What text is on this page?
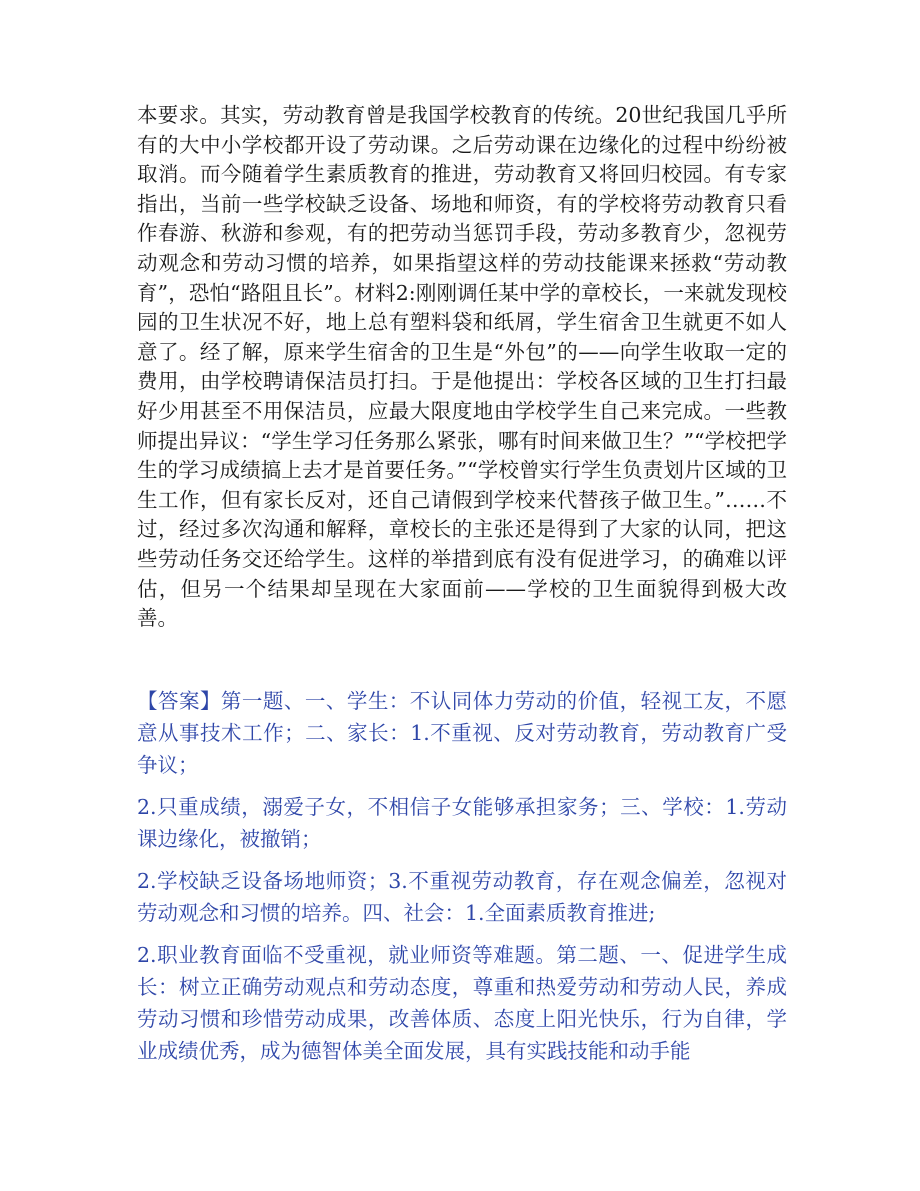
本要求。其实，劳动教育曾是我国学校教育的传统。20世纪我国几乎所有的大中小学校都开设了劳动课。之后劳动课在边缘化的过程中纷纷被取消。而今随着学生素质教育的推进，劳动教育又将回归校园。有专家指出，当前一些学校缺乏设备、场地和师资，有的学校将劳动教育只看作春游、秋游和参观，有的把劳动当惩罚手段，劳动多教育少，忽视劳动观念和劳动习惯的培养，如果指望这样的劳动技能课来拯救“劳动教育”，恐怕“路阻且长”。材料2:刚刚调任某中学的章校长，一来就发现校园的卫生状况不好，地上总有塑料袋和纸屑，学生宿舍卫生就更不如人意了。经了解，原来学生宿舍的卫生是“外包”的——向学生收取一定的费用，由学校聘请保洁员打扫。于是他提出：学校各区域的卫生打扫最好少用甚至不用保洁员，应最大限度地由学校学生自己来完成。一些教师提出异议：“学生学习任务那么紧张，哪有时间来做卫生？”“学校把学生的学习成绩搞上去才是首要任务。”“学校曾实行学生负责划片区域的卫生工作，但有家长反对，还自己请假到学校来代替孩子做卫生。”……不过，经过多次沟通和解释，章校长的主张还是得到了大家的认同，把这些劳动任务交还给学生。这样的举措到底有没有促进学习，的确难以评估，但另一个结果却呈现在大家面前——学校的卫生面貌得到极大改善。

【答案】第一题、一、学生：不认同体力劳动的价值，轻视工友，不愿意从事技术工作；二、家长：1.不重视、反对劳动教育，劳动教育广受争议；

2.只重成绩，溺爱子女，不相信子女能够承担家务；三、学校：1.劳动课边缘化，被撤销；

2.学校缺乏设备场地师资；3.不重视劳动教育，存在观念偏差，忽视对劳动观念和习惯的培养。四、社会：1.全面素质教育推进;

2.职业教育面临不受重视，就业师资等难题。第二题、一、促进学生成长：树立正确劳动观点和劳动态度，尊重和热爱劳动和劳动人民，养成劳动习惯和珍惜劳动成果，改善体质、态度上阳光快乐，行为自律，学业成绩优秀，成为德智体美全面发展，具有实践技能和动手能
